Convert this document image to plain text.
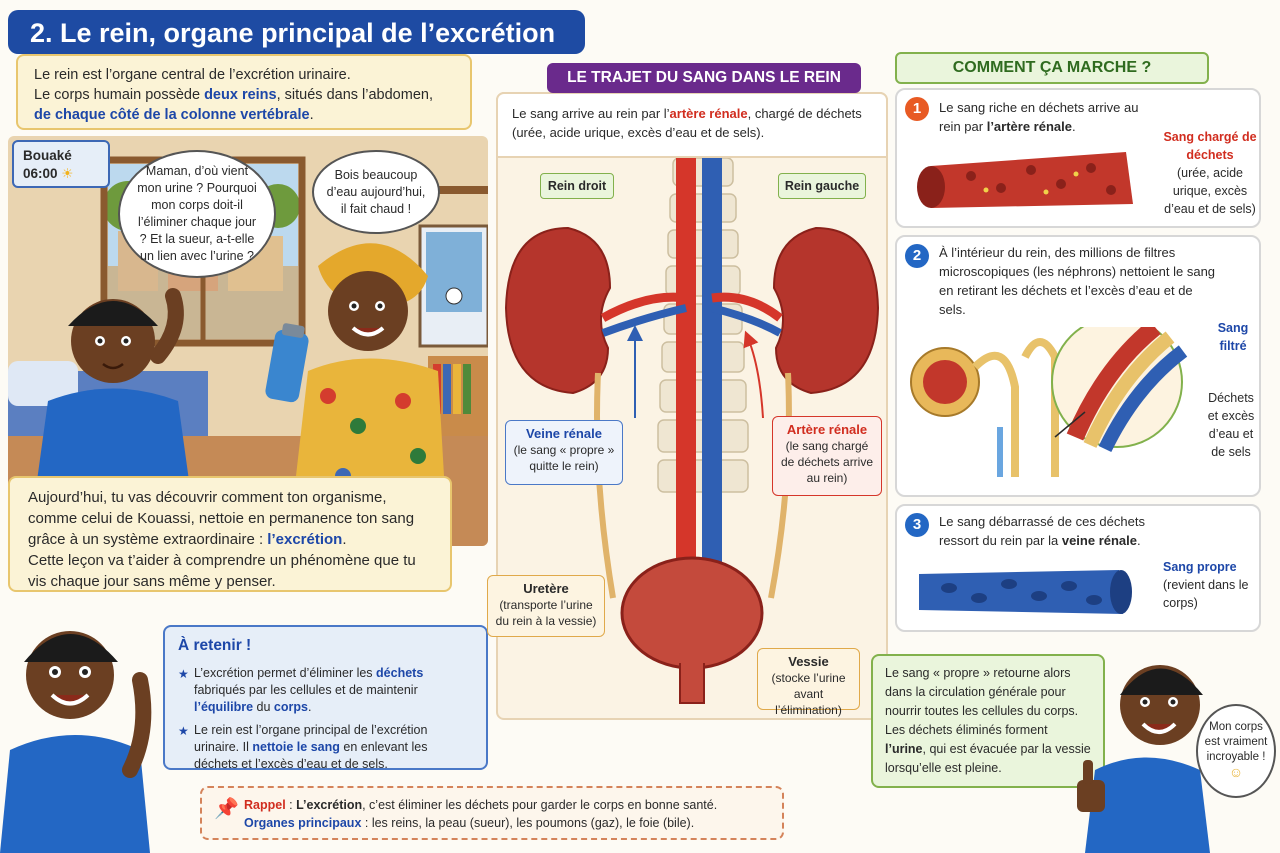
2. Le rein, organe principal de l’excrétion
Le rein est l’organe central de l’excrétion urinaire.
Le corps humain possède deux reins, situés dans l’abdomen,
de chaque côté de la colonne vertébrale.
Bouaké
06:00 ☀	Maman, d’où vient mon urine ? Pourquoi mon corps doit-il l’éliminer chaque jour ? Et la sueur, a-t-elle un lien avec l’urine ?
Bois beaucoup d’eau aujourd’hui, il fait chaud !
Aujourd’hui, tu vas découvrir comment ton organisme, comme celui de Kouassi, nettoie en permanence ton sang grâce à un système extraordinaire : l’excrétion.
Cette leçon va t’aider à comprendre un phénomène que tu vis chaque jour sans même y penser.
À retenir !
★ L’excrétion permet d’éliminer les déchets fabriqués par les cellules et de maintenir l’équilibre du corps.
★ Le rein est l’organe principal de l’excrétion urinaire. Il nettoie le sang en enlevant les déchets et l’excès d’eau et de sels.
📌 Rappel : L’excrétion, c’est éliminer les déchets pour garder le corps en bonne santé.
Organes principaux : les reins, la peau (sueur), les poumons (gaz), le foie (bile).
Le sang arrive au rein par l’artère rénale, chargé de déchets (urée, acide urique, excès d’eau et de sels).
LE TRAJET DU SANG DANS LE REIN
Rein droit	Rein gauche
Veine rénale
(le sang « propre » quitte le rein)
Artère rénale
(le sang chargé de déchets arrive au rein)
Uretère
(transporte l’urine du rein à la vessie)
Vessie
(stocke l’urine avant l’élimination)
COMMENT ÇA MARCHE ?
1	Le sang riche en déchets arrive au rein par l’artère rénale.
Sang chargé de déchets
(urée, acide urique, excès d’eau et de sels)
2	À l’intérieur du rein, des millions de filtres microscopiques (les néphrons) nettoient le sang en retirant les déchets et l’excès d’eau et de sels.
Sang filtré
Déchets et excès d’eau et de sels
3	Le sang débarrassé de ces déchets ressort du rein par la veine rénale.
Sang propre
(revient dans le corps)
Le sang « propre » retourne alors dans la circulation générale pour nourrir toutes les cellules du corps. Les déchets éliminés forment l’urine, qui est évacuée par la vessie lorsqu’elle est pleine.
Mon corps est vraiment incroyable !
☺
